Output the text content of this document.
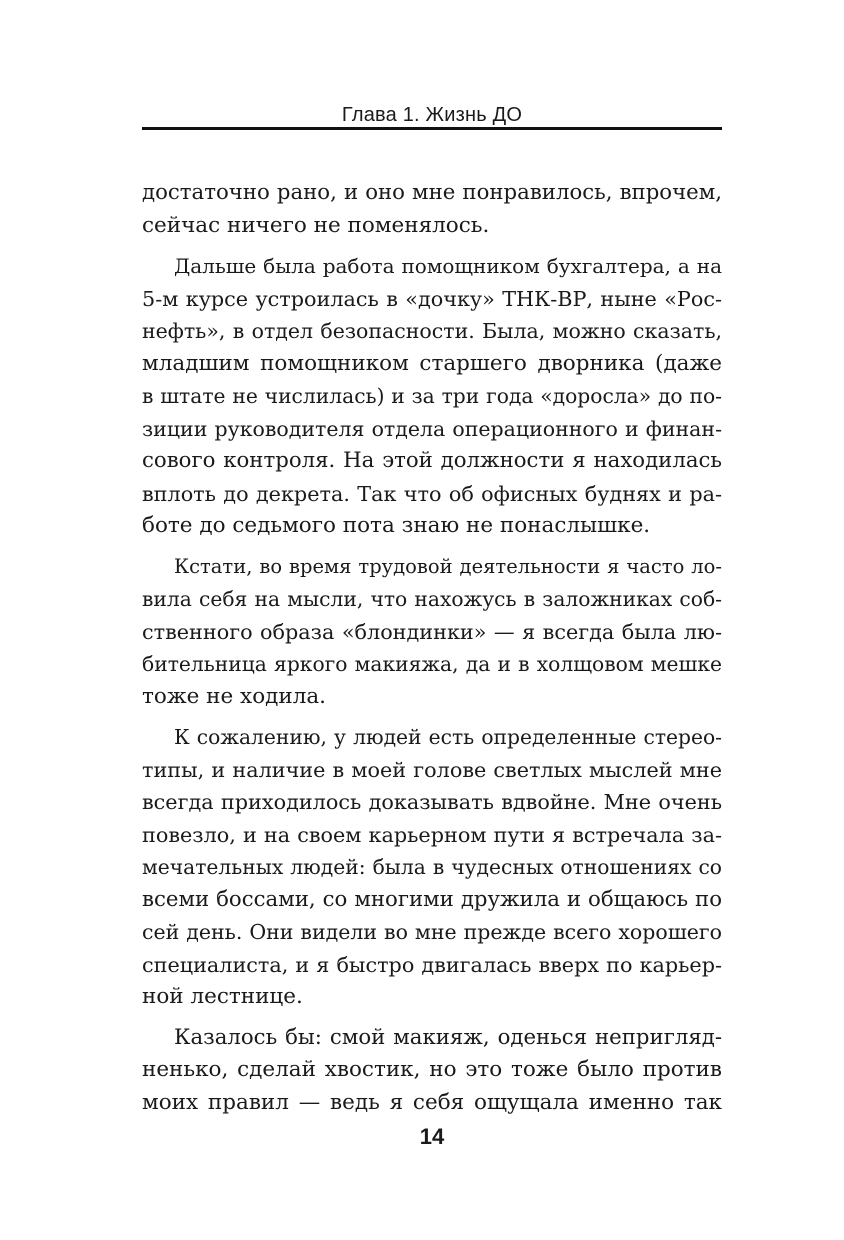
Глава 1. Жизнь ДО
достаточно рано, и оно мне понравилось, впрочем,
сейчас ничего не поменялось.
Дальше была работа помощником бухгалтера, а на
5-м курсе устроилась в «дочку» ТНК-ВР, ныне «Рос-
нефть», в отдел безопасности. Была, можно сказать,
младшим помощником старшего дворника (даже
в штате не числилась) и за три года «доросла» до по-
зиции руководителя отдела операционного и финан-
сового контроля. На этой должности я находилась
вплоть до декрета. Так что об офисных буднях и ра-
боте до седьмого пота знаю не понаслышке.
Кстати, во время трудовой деятельности я часто ло-
вила себя на мысли, что нахожусь в заложниках соб-
ственного образа «блондинки» — я всегда была лю-
бительница яркого макияжа, да и в холщовом мешке
тоже не ходила.
К сожалению, у людей есть определенные стерео-
типы, и наличие в моей голове светлых мыслей мне
всегда приходилось доказывать вдвойне. Мне очень
повезло, и на своем карьерном пути я встречала за-
мечательных людей: была в чудесных отношениях со
всеми боссами, со многими дружила и общаюсь по
сей день. Они видели во мне прежде всего хорошего
специалиста, и я быстро двигалась вверх по карьер-
ной лестнице.
Казалось бы: смой макияж, оденься непригляд-
ненько, сделай хвостик, но это тоже было против
моих правил — ведь я себя ощущала именно так
14
